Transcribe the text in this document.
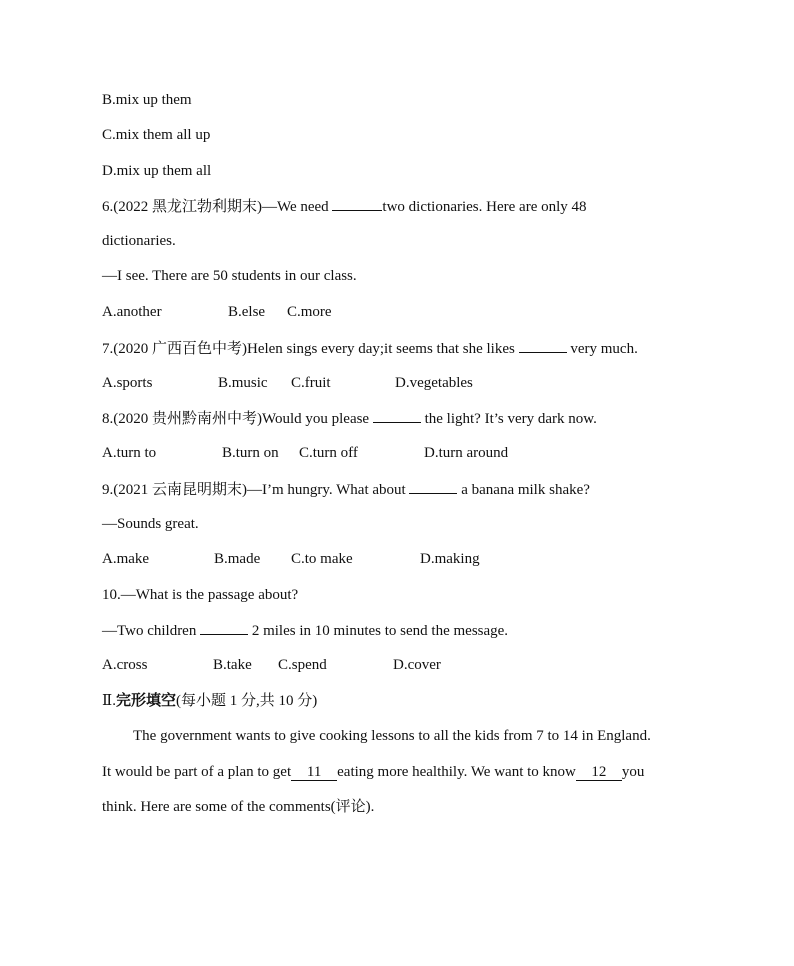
B.mix up them
C.mix them all up
D.mix up them all
6.(2022 黑龙江勃利期末)—We need	two dictionaries. Here are only 48
dictionaries.
—I see. There are 50 students in our class.
A.another	B.else C.more
7.(2020 广西百色中考)Helen sings every day;it seems that she likes	very much.
A.sports	B.music C.fruit	D.vegetables
8.(2020 贵州黔南州中考)Would you please	the light? It’s very dark now.
A.turn to	B.turn on C.turn off	D.turn around
9.(2021 云南昆明期末)—I’m hungry. What about	a banana milk shake?
—Sounds great.
A.make	B.made C.to make	D.making
10.—What is the passage about?
—Two children	2 miles in 10 minutes to send the message.
A.cross	B.take C.spend	D.cover
Ⅱ.完形填空(每小题 1 分,共 10 分)
The government wants to give cooking lessons to all the kids from 7 to 14 in England.
It would be part of a plan to get 11 eating more healthily. We want to know 12 you
think. Here are some of the comments(评论).
